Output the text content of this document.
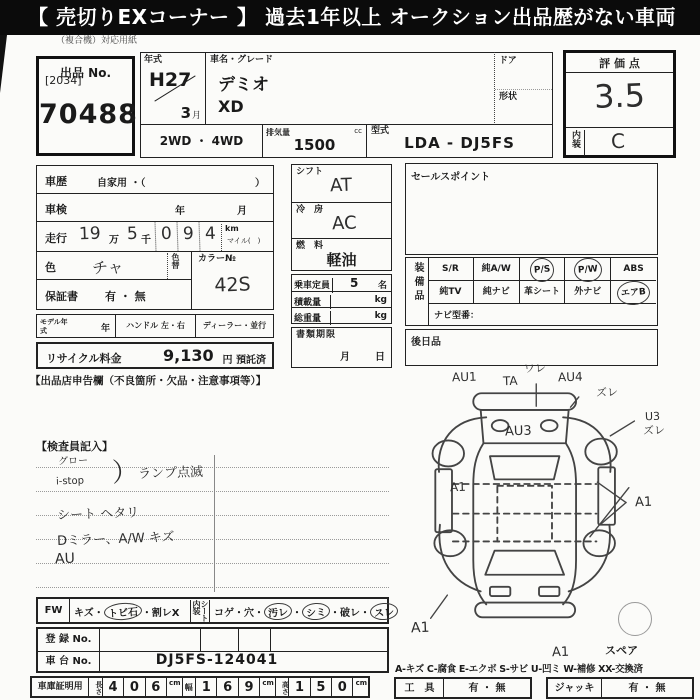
【 売切りEXコーナー 】 過去1年以上 オークション出品歴がない車両
（複合機）対応用紙
出品 No.
[2034]
70488
年式
H27
3 月
車名・グレード
デミオ
XD
ドア
形状
2WD ・ 4WD
排気量	cc
1500
型式
LDA - DJ5FS
評 価 点
3.5
内装 C
車歴	自家用 ・（	）
車検	年	月
走行 19 万 5 千 0 9 4	km
マイル(　)
色 チャ	色替 カラー№
42S
保証書 有 ・ 無
モデル年式	年	ハンドル 左・右	ディーラー・並行
リサイクル料金	9,130 円 預託済
【出品店申告欄（不良箇所・欠品・注意事項等）】
シフト
AT
冷　房
AC
燃　料
軽油
乗車定員 5 名
積載量	kg
総重量	kg
書類期限
月	日
セールスポイント
装備品	S/R	純A/W	P/S	P/W	ABS
純TV	純ナビ	革シート	外ナビ	エアB
ナビ型番：
後日品
【検査員記入】
グロー
i-stop ） ランプ点滅
シート ヘタリ
Dミラー、A/W キズ
AU
AU1 TA
ワレ
AU4
ズレ
AU3
U3
ズレ
A1
A1
A1
A1	スペア
FW	キズ・ トビ石 ・割レX	シート内装	コゲ・穴・ 汚レ ・ シミ ・破レ・ スレ
登 録 No.
車 台 No.	DJ5FS-124041
車庫証明用	長さ 4 0 6	cm 幅 1 6 9	cm	高さ 1 5 0	cm
A-キズ C-腐食 E-エクボ S-サビ U-凹ミ W-補修 XX-交換済
工　具	有 ・ 無	ジャッキ	有 ・ 無
